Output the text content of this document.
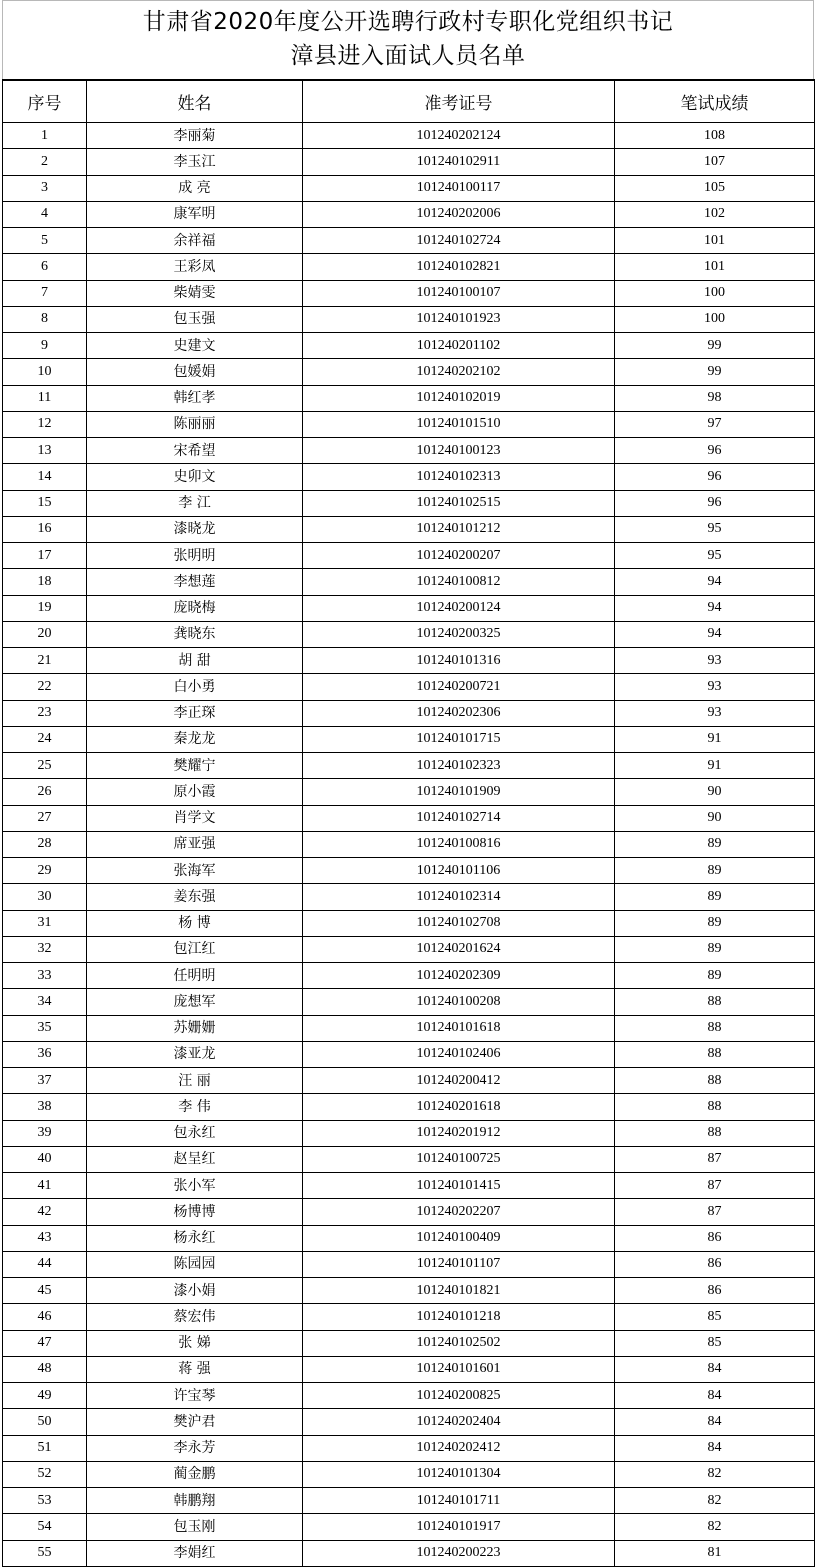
甘肃省2020年度公开选聘行政村专职化党组织书记
漳县进入面试人员名单
序号	姓名	准考证号	笔试成绩
1	李丽菊	101240202124	108
2	李玉江	101240102911	107
3	成 亮	101240100117	105
4	康军明	101240202006	102
5	余祥福	101240102724	101
6	王彩凤	101240102821	101
7	柴婧雯	101240100107	100
8	包玉强	101240101923	100
9	史建文	101240201102	99
10	包媛娟	101240202102	99
11	韩红孝	101240102019	98
12	陈丽丽	101240101510	97
13	宋希望	101240100123	96
14	史卯文	101240102313	96
15	李 江	101240102515	96
16	漆晓龙	101240101212	95
17	张明明	101240200207	95
18	李想莲	101240100812	94
19	庞晓梅	101240200124	94
20	龚晓东	101240200325	94
21	胡 甜	101240101316	93
22	白小勇	101240200721	93
23	李正琛	101240202306	93
24	秦龙龙	101240101715	91
25	樊耀宁	101240102323	91
26	原小霞	101240101909	90
27	肖学文	101240102714	90
28	席亚强	101240100816	89
29	张海军	101240101106	89
30	姜东强	101240102314	89
31	杨 博	101240102708	89
32	包江红	101240201624	89
33	任明明	101240202309	89
34	庞想军	101240100208	88
35	苏姗姗	101240101618	88
36	漆亚龙	101240102406	88
37	汪 丽	101240200412	88
38	李 伟	101240201618	88
39	包永红	101240201912	88
40	赵呈红	101240100725	87
41	张小军	101240101415	87
42	杨博博	101240202207	87
43	杨永红	101240100409	86
44	陈园园	101240101107	86
45	漆小娟	101240101821	86
46	蔡宏伟	101240101218	85
47	张 娣	101240102502	85
48	蒋 强	101240101601	84
49	许宝琴	101240200825	84
50	樊沪君	101240202404	84
51	李永芳	101240202412	84
52	蔺金鹏	101240101304	82
53	韩鹏翔	101240101711	82
54	包玉刚	101240101917	82
55	李娟红	101240200223	81
